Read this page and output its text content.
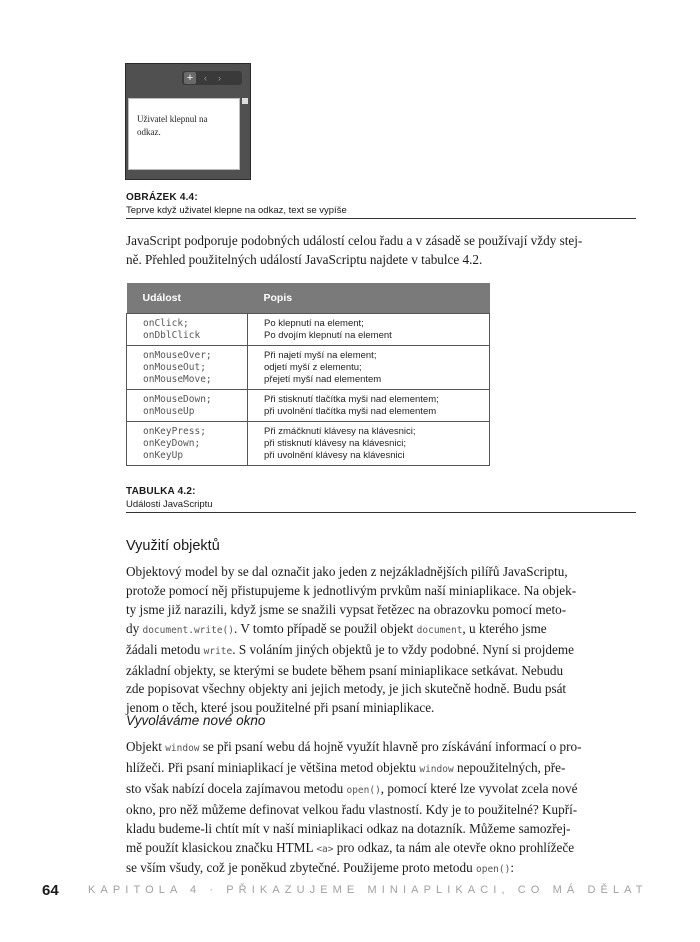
+	‹ ›
Uživatel klepnul na odkaz.
OBRÁZEK 4.4:
Teprve když uživatel klepne na odkaz, text se vypíše
JavaScript podporuje podobných událostí celou řadu a v zásadě se používají vždy stej-
ně. Přehled použitelných událostí JavaScriptu najdete v tabulce 4.2.
Událost	Popis

onClick;
onDblClick	Po klepnutí na element;
Po dvojím klepnutí na element

onMouseOver;
onMouseOut;
onMouseMove;	Při najetí myší na element;
odjetí myší z elementu;
přejetí myší nad elementem

onMouseDown;
onMouseUp	Při stisknutí tlačítka myši nad elementem;
při uvolnění tlačítka myši nad elementem

onKeyPress;
onKeyDown;
onKeyUp	Při zmáčknutí klávesy na klávesnici;
při stisknutí klávesy na klávesnici;
při uvolnění klávesy na klávesnici
TABULKA 4.2:
Události JavaScriptu
Využití objektů
Objektový model by se dal označit jako jeden z nejzákladnějších pilířů JavaScriptu,
protože pomocí něj přistupujeme k jednotlivým prvkům naší miniaplikace. Na objek-
ty jsme již narazili, když jsme se snažili vypsat řetězec na obrazovku pomocí meto-
dy document.write(). V tomto případě se použil objekt document, u kterého jsme
žádali metodu write. S voláním jiných objektů je to vždy podobné. Nyní si projdeme
základní objekty, se kterými se budete během psaní miniaplikace setkávat. Nebudu
zde popisovat všechny objekty ani jejich metody, je jich skutečně hodně. Budu psát
jenom o těch, které jsou použitelné při psaní miniaplikace.
Vyvoláváme nové okno
Objekt window se při psaní webu dá hojně využít hlavně pro získávání informací o pro-
hlížeči. Při psaní miniaplikací je většina metod objektu window nepoužitelných, pře-
sto však nabízí docela zajímavou metodu open(), pomocí které lze vyvolat zcela nové
okno, pro něž můžeme definovat velkou řadu vlastností. Kdy je to použitelné? Kupří-
kladu budeme-li chtít mít v naší miniaplikaci odkaz na dotazník. Můžeme samozřej-
mě použít klasickou značku HTML <a> pro odkaz, ta nám ale otevře okno prohlížeče
se vším všudy, což je poněkud zbytečné. Použijeme proto metodu open():
64	KAPITOLA 4 · PŘIKAZUJEME MINIAPLIKACI, CO MÁ DĚLAT
